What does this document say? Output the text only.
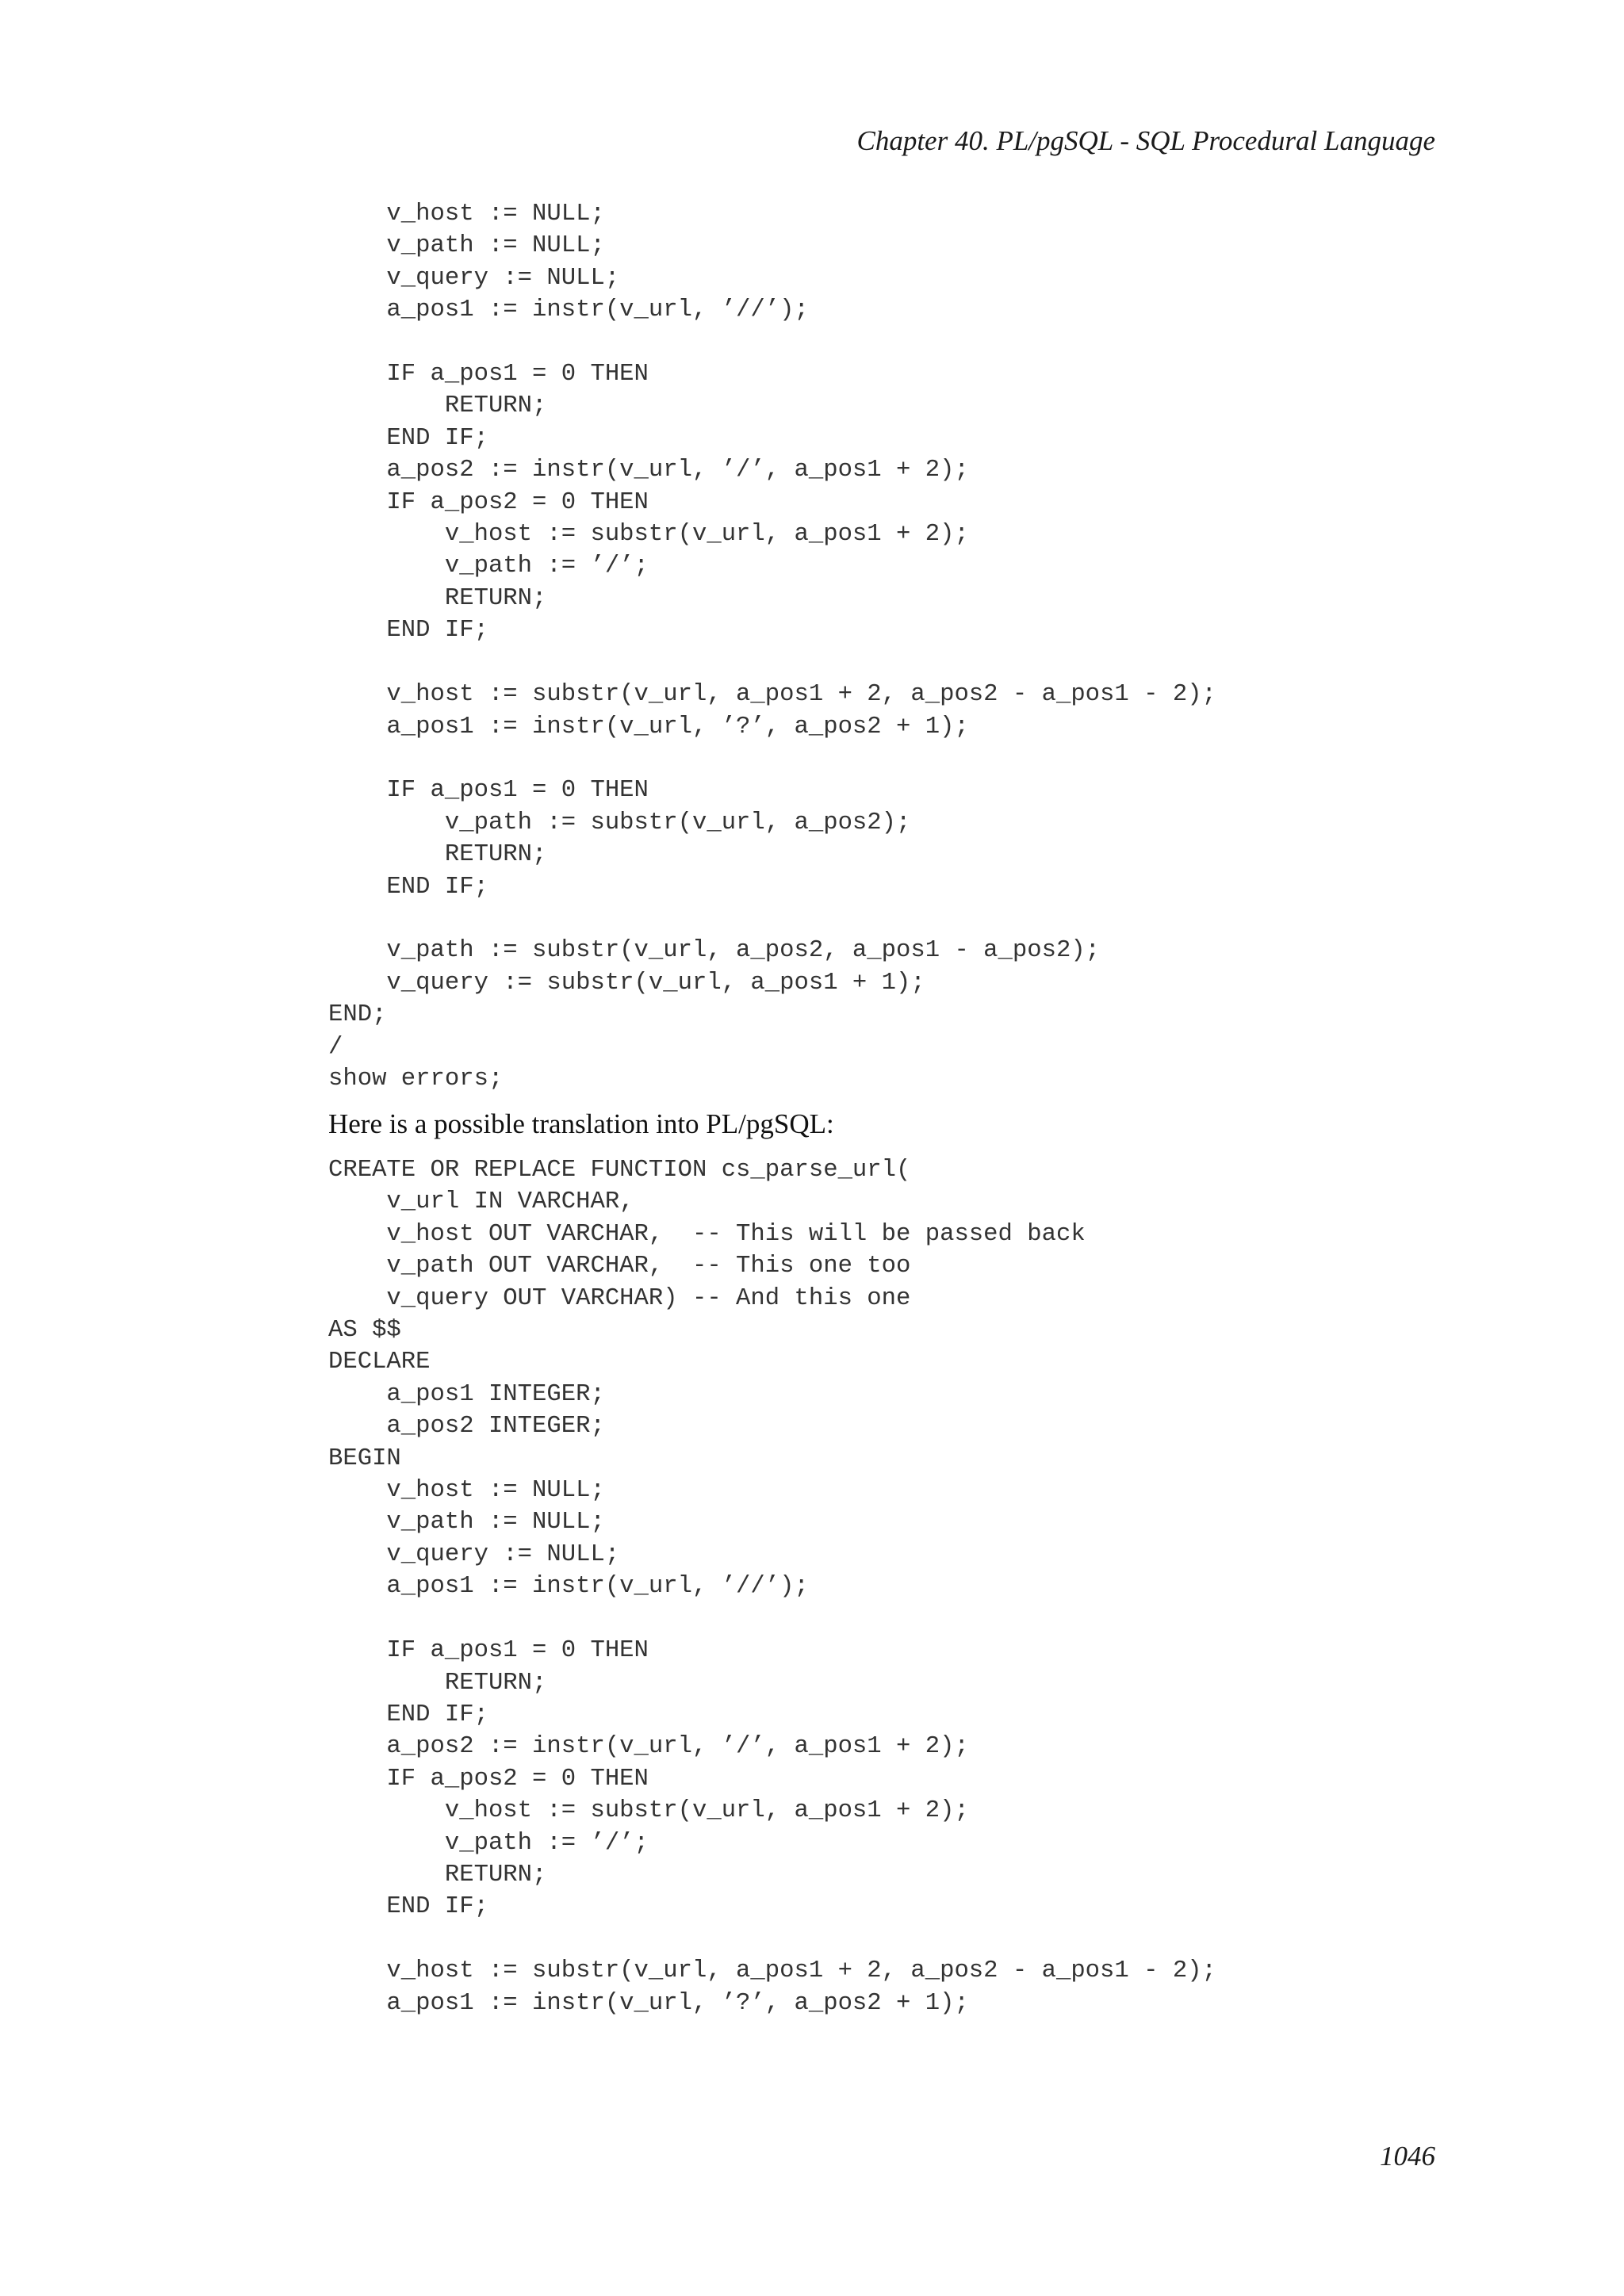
Chapter 40. PL/pgSQL - SQL Procedural Language
v_host := NULL;
v_path := NULL;
v_query := NULL;
a_pos1 := instr(v_url, ’//’);

IF a_pos1 = 0 THEN
RETURN;
END IF;
a_pos2 := instr(v_url, ’/’, a_pos1 + 2);
IF a_pos2 = 0 THEN
v_host := substr(v_url, a_pos1 + 2);
v_path := ’/’;
RETURN;
END IF;

v_host := substr(v_url, a_pos1 + 2, a_pos2 - a_pos1 - 2);
a_pos1 := instr(v_url, ’?’, a_pos2 + 1);

IF a_pos1 = 0 THEN
v_path := substr(v_url, a_pos2);
RETURN;
END IF;

v_path := substr(v_url, a_pos2, a_pos1 - a_pos2);
v_query := substr(v_url, a_pos1 + 1);
END;
/
show errors;

Here is a possible translation into PL/pgSQL:

CREATE OR REPLACE FUNCTION cs_parse_url(
v_url IN VARCHAR,
v_host OUT VARCHAR,  -- This will be passed back
v_path OUT VARCHAR,  -- This one too
v_query OUT VARCHAR) -- And this one
AS $$
DECLARE
a_pos1 INTEGER;
a_pos2 INTEGER;
BEGIN
v_host := NULL;
v_path := NULL;
v_query := NULL;
a_pos1 := instr(v_url, ’//’);

IF a_pos1 = 0 THEN
RETURN;
END IF;
a_pos2 := instr(v_url, ’/’, a_pos1 + 2);
IF a_pos2 = 0 THEN
v_host := substr(v_url, a_pos1 + 2);
v_path := ’/’;
RETURN;
END IF;

v_host := substr(v_url, a_pos1 + 2, a_pos2 - a_pos1 - 2);
a_pos1 := instr(v_url, ’?’, a_pos2 + 1);
1046
